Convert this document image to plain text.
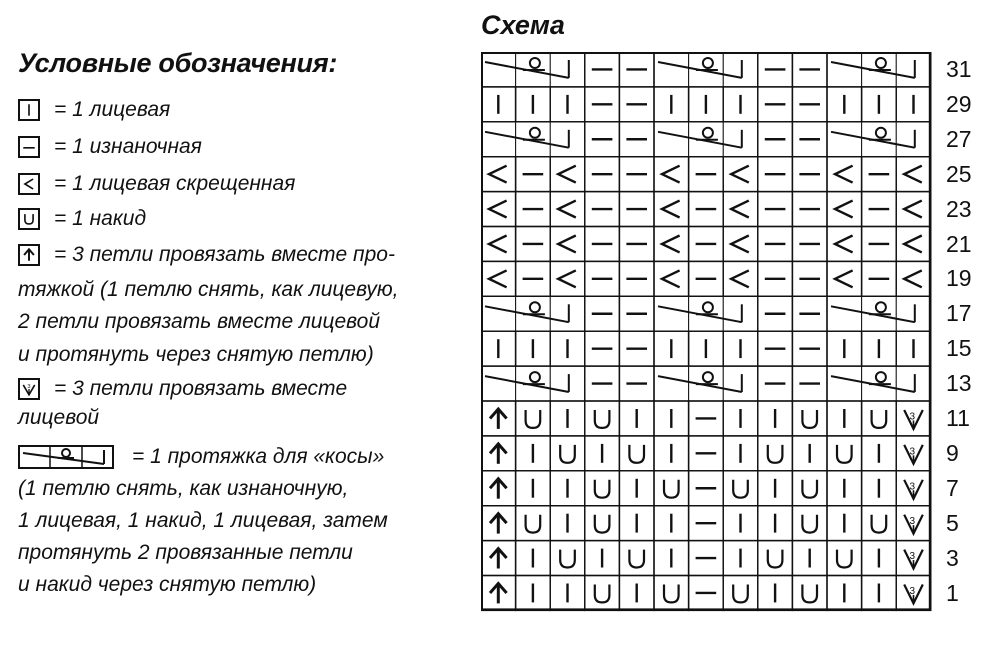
Условные обозначения:
Схема
= 1 лицевая
= 1 изнаночная
= 1 лицевая скрещенная
= 1 накид
= 3 петли провязать вместе про-
тяжкой (1 петлю снять, как лицевую,
2 петли провязать вместе лицевой
и протянуть через снятую петлю)
3 = 3 петли провязать вместе
лицевой
= 1 протяжка для «косы»
(1 петлю снять, как изнаночную,
1 лицевая, 1 накид, 1 лицевая, затем
протянуть 2 провязанные петли
и накид через снятую петлю)
3
3
3
3
3
3
31
29
27
25
23
21
19
17
15
13
11
9
7
5
3
1
